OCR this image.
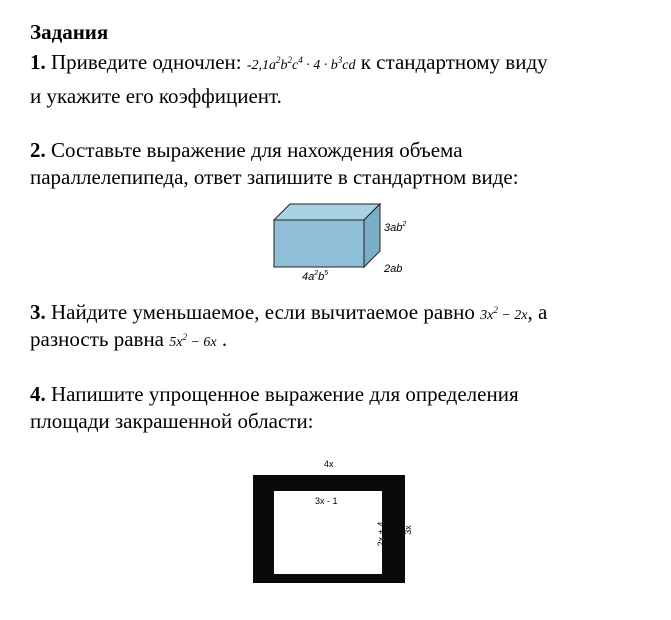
Задания
1. Приведите одночлен: $-2,1a^2b^2c^4 \cdot 4 \cdot b^3cd$ к стандартному виду
и укажите его коэффициент.
2. Составьте выражение для нахождения объема
параллелепипеда, ответ запишите в стандартном виде:
$3ab^2$
2ab
$4a^2b^5$
3. Найдите уменьшаемое, если вычитаемое равно $3x^2 - 2x$, а
разность равна $5x^2 - 6x$ .
4. Напишите упрощенное выражение для определения
площади закрашенной области:
4x
3x - 1
2x + 4 3x
